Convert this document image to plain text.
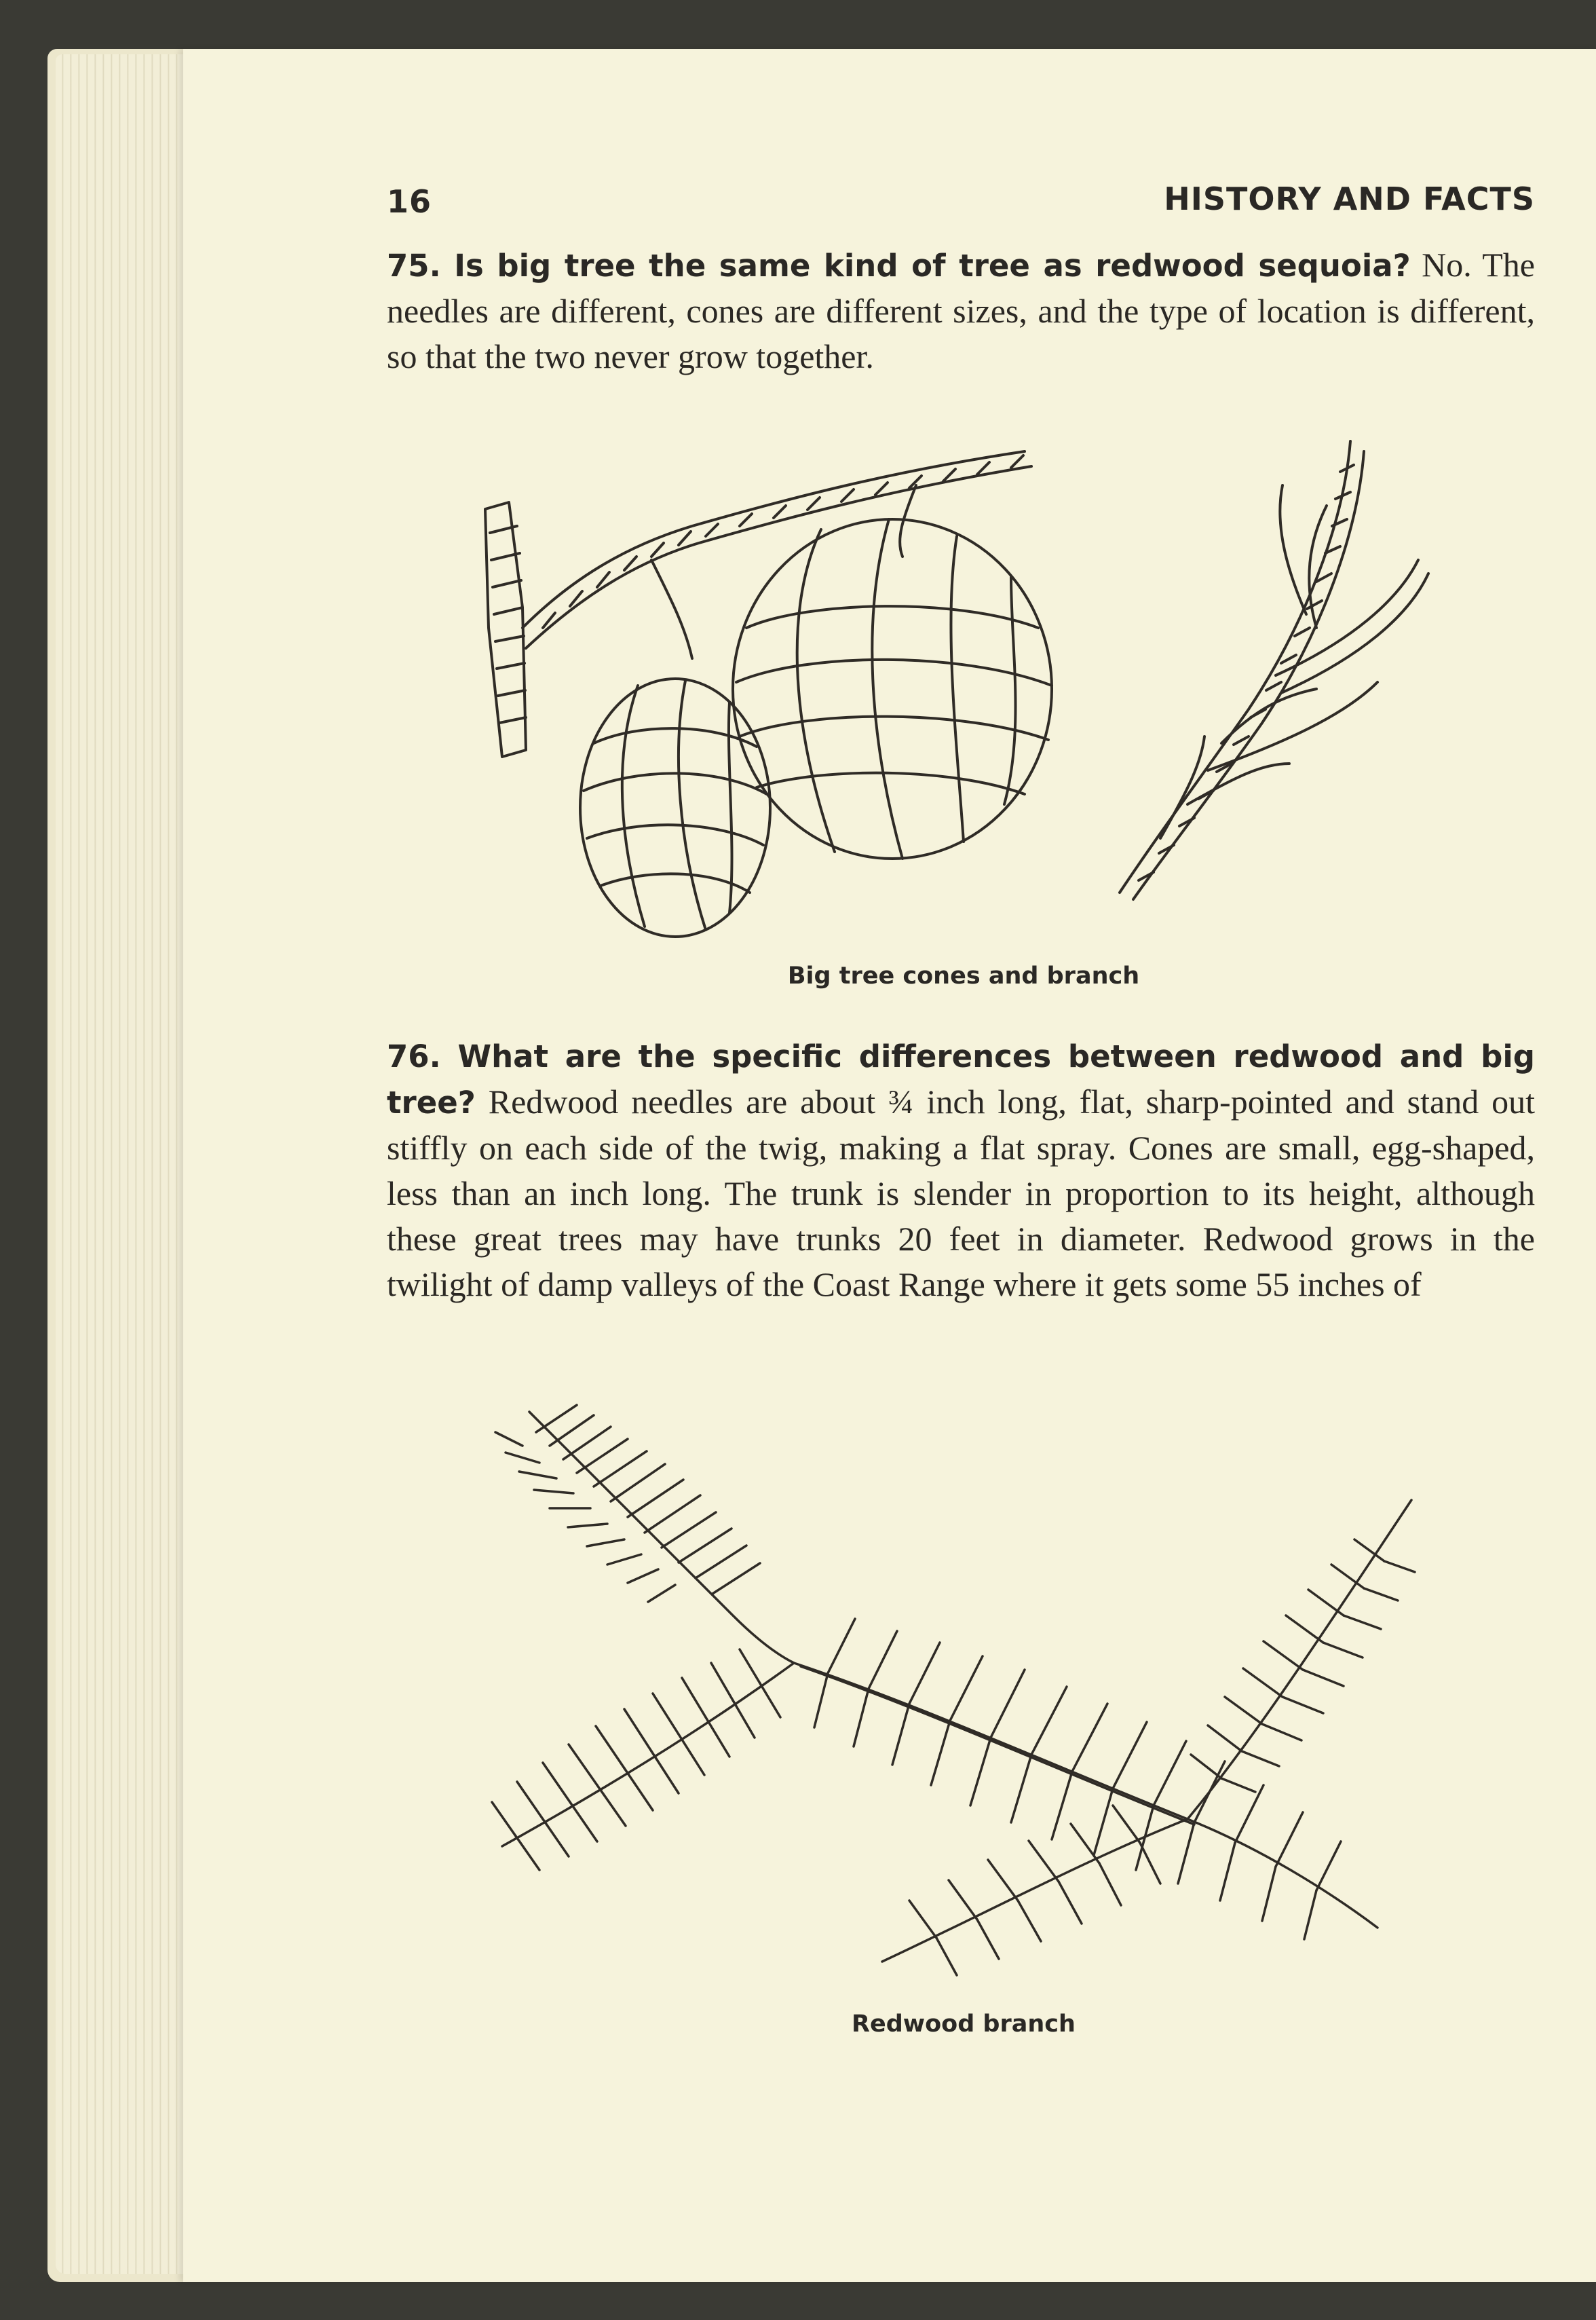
16	HISTORY AND FACTS
75. Is big tree the same kind of tree as redwood sequoia? No. The needles are different, cones are different sizes, and the type of location is different, so that the two never grow together.
Big tree cones and branch
76. What are the specific differences between redwood and big tree? Redwood needles are about ¾ inch long, flat, sharp-pointed and stand out stiffly on each side of the twig, making a flat spray. Cones are small, egg-shaped, less than an inch long. The trunk is slender in proportion to its height, although these great trees may have trunks 20 feet in diameter. Redwood grows in the twilight of damp valleys of the Coast Range where it gets some 55 inches of
Redwood branch
